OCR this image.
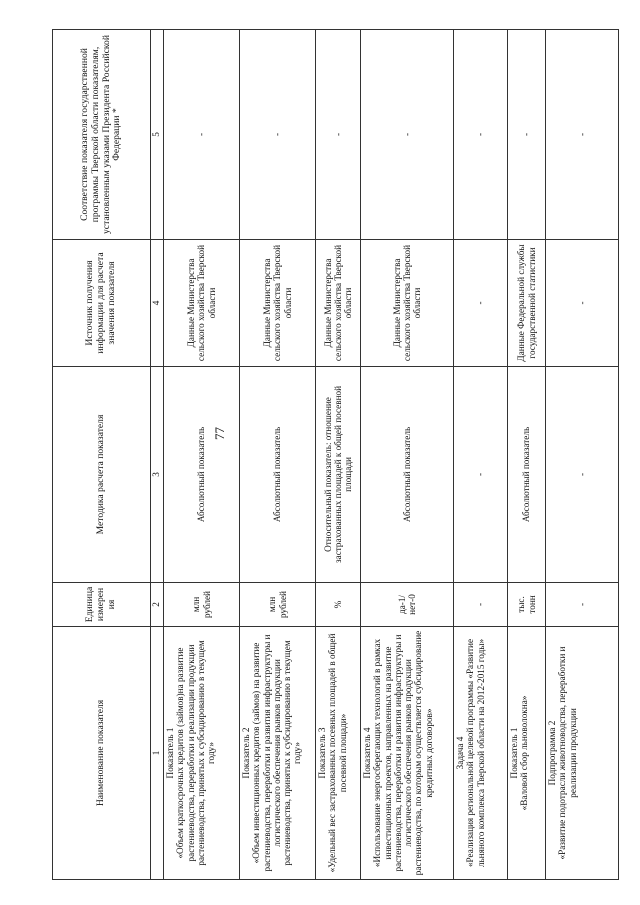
77
Наименование показателя	Единица измерения	Методика расчета показателя	Источник получения информации для расчета значения показателя	Соответствие показателя государственной программы Тверской области показателям, установленным указами Президента Российской Федерации *
1	2	3	4	5

Показатель 1 «Объем краткосрочных кредитов (займов)на развитие растениеводства, переработки и реализации продукции растениеводства, принятых к субсидированию в текущем году»	млн рублей	Абсолютный показатель	Данные Министерства сельского хозяйства Тверской области	-

Показатель 2 «Объем инвестиционных кредитов (займов) на развитие растениеводства, переработки и развития инфраструктуры и логистического обеспечения рынков продукции растениеводства, принятых к субсидированию в текущем году»	млн рублей	Абсолютный показатель	Данные Министерства сельского хозяйства Тверской области	-

Показатель 3 «Удельный вес застрахованных посевных площадей в общей посевной площади»	%	Относительный показатель: отношение застрахованных площадей к общей посевной площади	Данные Министерства сельского хозяйства Тверской области	-

Показатель 4 «Использование энергосберегающих технологий в рамках инвестиционных проектов, направленных на развитие растениеводства, переработки и развития инфраструктуры и логистического обеспечения рынков продукции растениеводства, по которым осуществляется субсидирование кредитных договоров»	да-1/нет-0	Абсолютный показатель	Данные Министерства сельского хозяйства Тверской области	-

Задача 4 «Реализация региональной целевой программы «Развитие льняного комплекса Тверской области на 2012-2015 годы»	-	-	-	-

Показатель 1 «Валовой сбор льноволокна»	тыс. тонн	Абсолютный показатель	Данные Федеральной службы государственной статистики	-

Подпрограмма 2 «Развитие подотрасли животноводства, переработки и реализации продукции	-	-	-	-
